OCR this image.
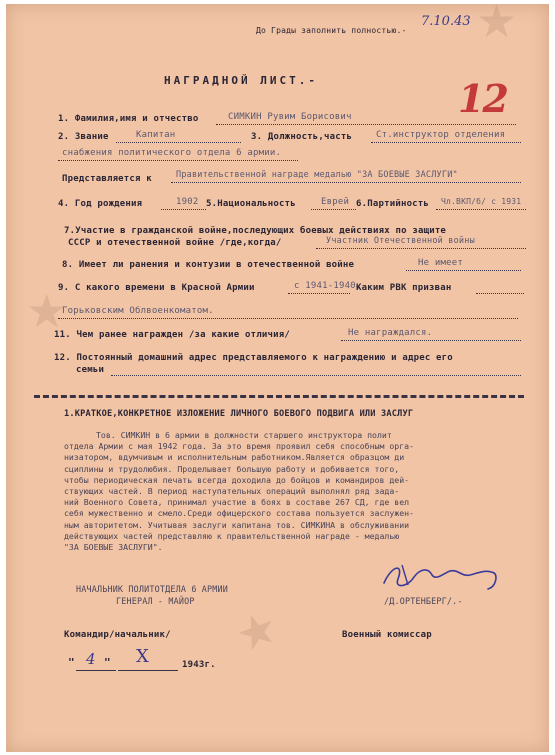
★
★
★
До Грады заполнить полностью.-
7.10.43
12
НАГРАДНОЙ ЛИСТ.-
1. Фамилия,имя и отчество	СИМКИН Рувим Борисович
2. Звание	Капитан	3. Должность,часть	Ст.инструктор отделения
снабжения политического отдела 6 армии.
Представляется к	Правительственной награде медалью "ЗА БОЕВЫЕ ЗАСЛУГИ"
4. Год рождения	1902 5.Национальность	Еврей 6.Партийность Чл.ВКП/б/ с 1931
7.Участие в гражданской войне,последующих боевых действиях по защите
СССР и отечественной войне /где,когда/	Участник Отечественной войны
8. Имеет ли ранения и контузии в отечественной войне	Не имеет
9. С какого времени в Красной Армии	с 1941-1940,
Каким РВК призван
Горьковским Облвоенкоматом.
11. Чем ранее награжден /за какие отличия/	Не награждался.
12. Постоянный домашний адрес представляемого к награждению и адрес его
семьи
1.КРАТКОЕ,КОНКРЕТНОЕ ИЗЛОЖЕНИЕ ЛИЧНОГО БОЕВОГО ПОДВИГА ИЛИ ЗАСЛУГ
Тов. СИМКИН в 6 армии в должности старшего инструктора полит
отдела Армии с мая 1942 года. За это время проявил себя способным орга-
низатором, вдумчивым и исполнительным работником.Является образцом ди
сциплины и трудолюбия. Проделывает большую работу и добивается того,
чтобы периодическая печать всегда доходила до бойцов и командиров дей-
ствующих частей. В период наступательных операций выполнял ряд зада-
ний Военного Совета, принимал участие в боях в составе 267 СД, где вел
себя мужественно и смело.Среди офицерского состава пользуется заслужен-
ным авторитетом. Учитывая заслуги капитана тов. СИМКИНА в обслуживании
действующих частей представляю к правительственной награде - медалью
"ЗА БОЕВЫЕ ЗАСЛУГИ".
НАЧАЛЬНИК ПОЛИТОТДЕЛА 6 АРМИИ
ГЕНЕРАЛ - МАЙОР	/Д.ОРТЕНБЕРГ/.-
Командир/начальник/	Военный комиссар
" 4 " X	1943г.
